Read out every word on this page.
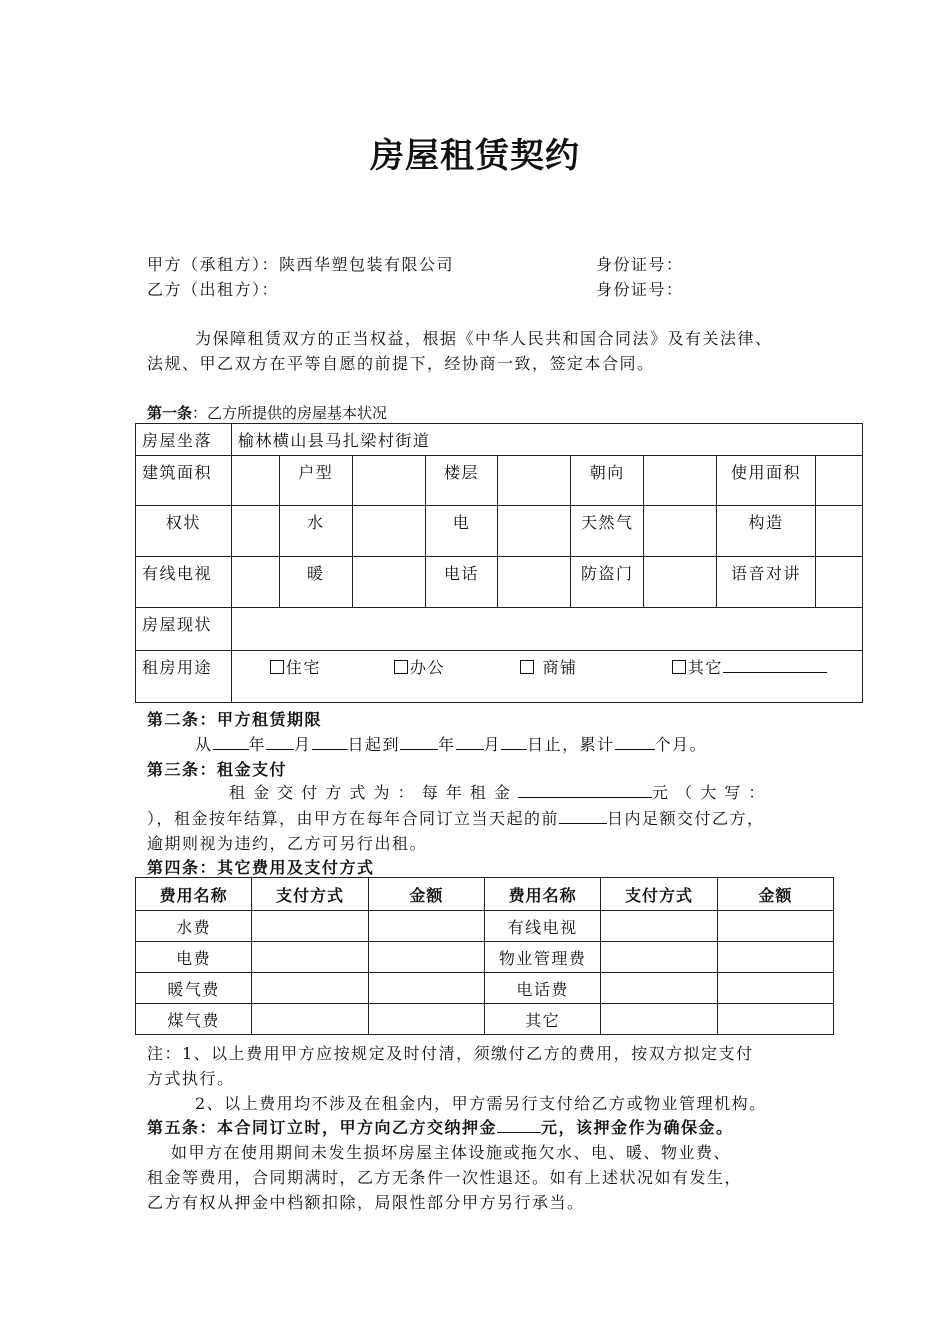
房屋租赁契约
甲方（承租方）：陕西华塑包装有限公司	身份证号：
乙方（出租方）：	身份证号：
为保障租赁双方的正当权益，根据《中华人民共和国合同法》及有关法律、
法规、甲乙双方在平等自愿的前提下，经协商一致，签定本合同。
第一条：乙方所提供的房屋基本状况
房屋坐落	榆林横山县马扎梁村街道								
建筑面积		户型		楼层		朝向		使用面积	
权状		水		电		天然气		构造	
有线电视		暖		电话		防盗门		语音对讲	
房屋现状									
租房用途	住宅 办公 商铺 其它								
第二条：甲方租赁期限
从 年 月 日起到 年 月 日止，累计	个月。
第三条：租金支付
租 金 交 付 方 式 为 ： 每 年 租 金	元 （ 大 写 ：
），租金按年结算，由甲方在每年合同订立当天起的前	日内足额交付乙方，
逾期则视为违约，乙方可另行出租。
第四条：其它费用及支付方式
费用名称	支付方式	金额	费用名称	支付方式	金额
水费			有线电视		
电费			物业管理费		
暖气费			电话费		
煤气费			其它		
注：1、以上费用甲方应按规定及时付清，须缴付乙方的费用，按双方拟定支付
方式执行。
2、以上费用均不涉及在租金内，甲方需另行支付给乙方或物业管理机构。
第五条：本合同订立时，甲方向乙方交纳押金	元，该押金作为确保金。
如甲方在使用期间未发生损坏房屋主体设施或拖欠水、电、暖、物业费、
租金等费用，合同期满时，乙方无条件一次性退还。如有上述状况如有发生，
乙方有权从押金中档额扣除，局限性部分甲方另行承当。
